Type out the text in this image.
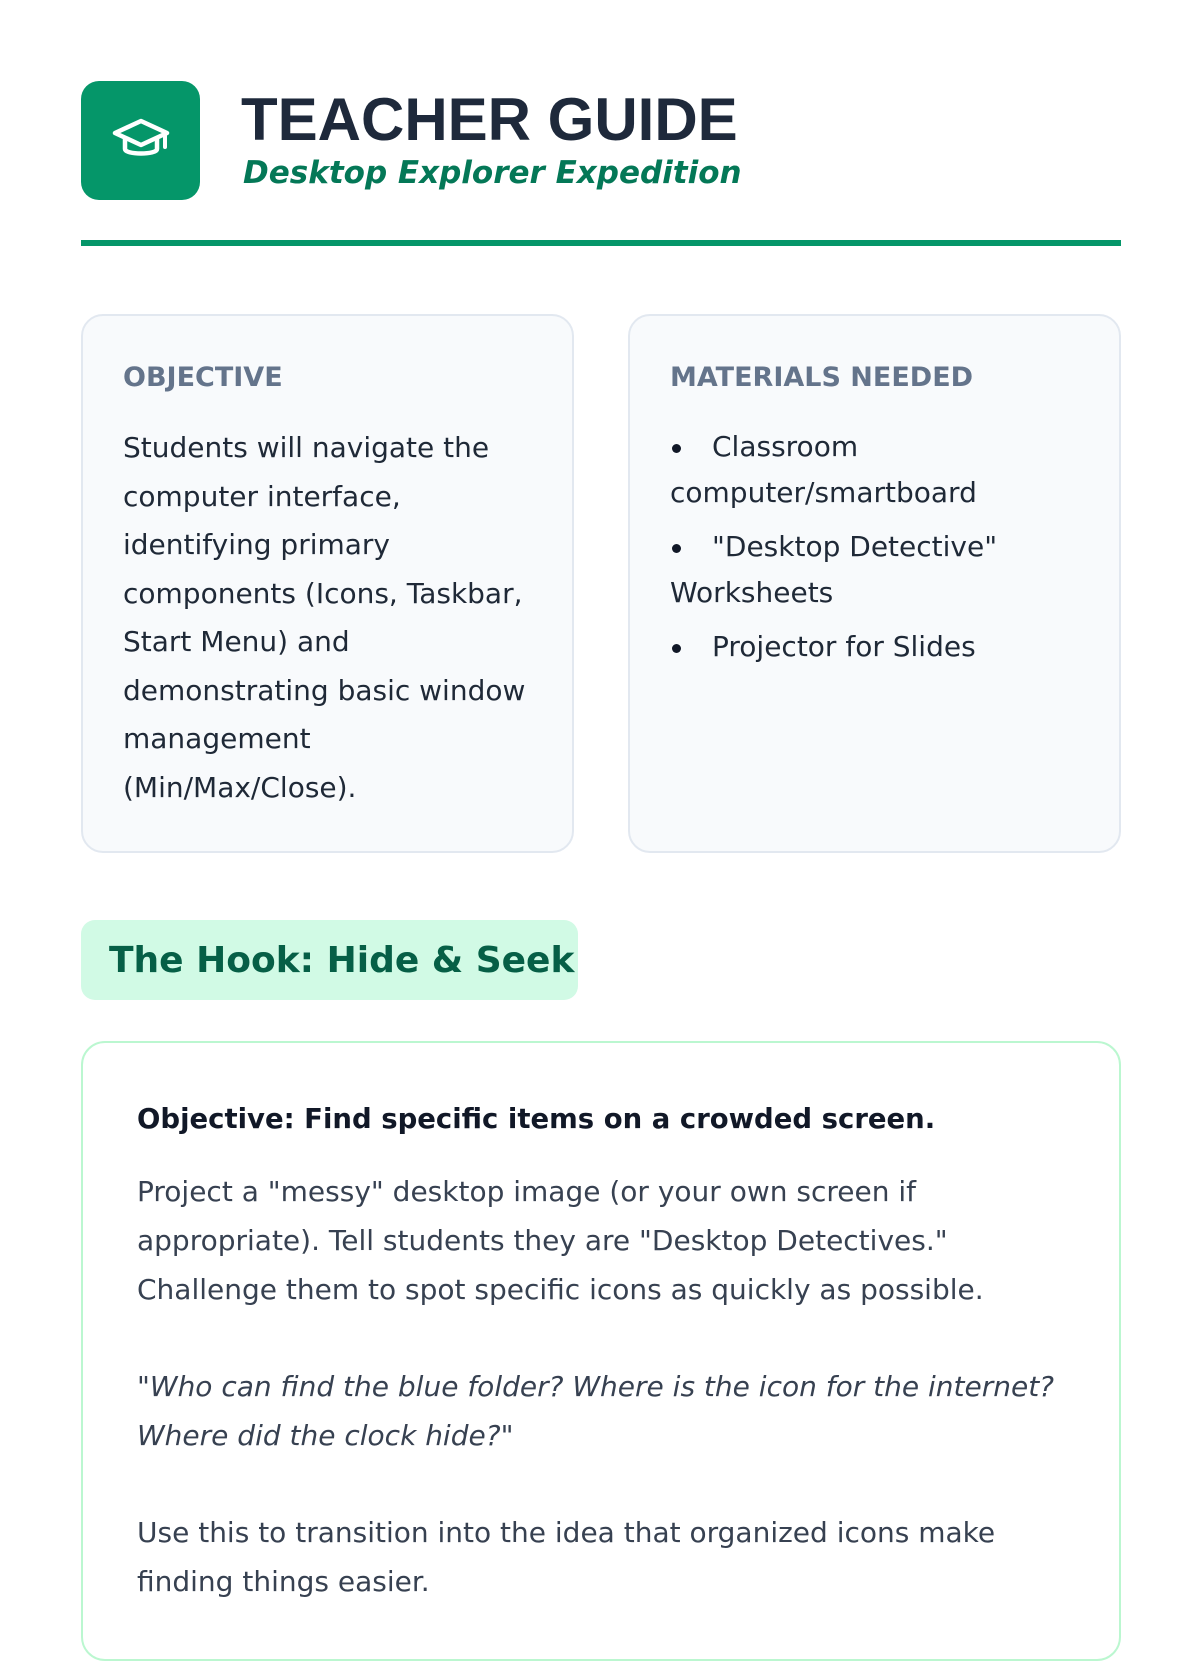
TEACHER GUIDE
Desktop Explorer Expedition
OBJECTIVE
Students will navigate the computer interface, identifying primary components (Icons, Taskbar, Start Menu) and demonstrating basic window management (Min/Max/Close).
MATERIALS NEEDED
Classroom computer/smartboard
"Desktop Detective" Worksheets
Projector for Slides
The Hook: Hide & Seek
Objective: Find specific items on a crowded screen.
Project a "messy" desktop image (or your own screen if appropriate). Tell students they are "Desktop Detectives." Challenge them to spot specific icons as quickly as possible.
"Who can find the blue folder? Where is the icon for the internet? Where did the clock hide?"
Use this to transition into the idea that organized icons make finding things easier.
